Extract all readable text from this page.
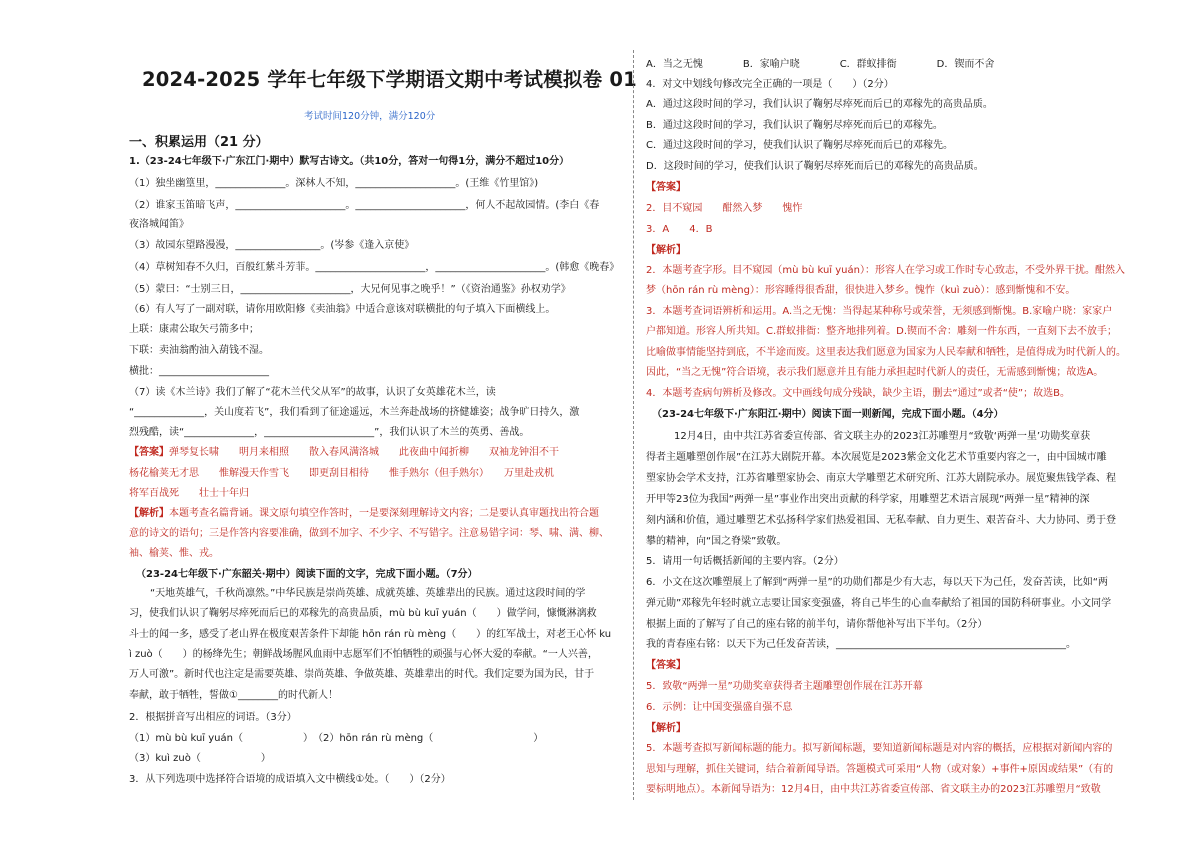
2024-2025 学年七年级下学期语文期中考试模拟卷 01
考试时间120分钟，满分120分
一、积累运用（21 分）
1.（23-24七年级下·广东江门·期中）默写古诗文。（共10分，答对一句得1分，满分不超过10分）
（1）独坐幽篁里，______________。深林人不知，____________________。(王维《竹里馆》)
（2）谁家玉笛暗飞声，______________________。______________________，何人不起故园情。(李白《春
夜洛城闻笛》
（3）故园东望路漫漫，_________________。(岑参《逢入京使》
（4）草树知春不久归，百般红紫斗芳菲。______________________，______________________。(韩愈《晚春》
（5）蒙曰：“士别三日，______________________，大兄何见事之晚乎！”（《资治通鉴》孙权劝学》
（6）有人写了一副对联，请你用欧阳修《卖油翁》中适合意该对联横批的句子填入下面横线上。
上联：康肃公取矢弓箭多中；
下联：卖油翁酌油入葫钱不湿。
横批：______________________
（7）读《木兰诗》我们了解了“花木兰代父从军”的故事，认识了女英雄花木兰，读
“______________，关山度若飞”，我们看到了征途遥远，木兰奔赴战场的挤健雄姿；战争旷日持久，激
烈残酷，读“______________，______________________”，我们认识了木兰的英勇、善战。
【答案】弹琴复长啸　　明月来相照　　散入春风满洛城　　此夜曲中闻折柳　　双袖龙钟泪不干
杨花榆荚无才思　　惟解漫天作雪飞　　即更刮目相待　　惟手熟尔（但手熟尔）　　万里赴戎机
将军百战死　　壮士十年归
【解析】本题考查名篇背诵。课文原句填空作答时，一是要深刻理解诗文内容；二是要认真审题找出符合题
意的诗文的语句；三是作答内容要准确，做到不加字、不少字、不写错字。注意易错字词：琴、啸、满、柳、
袖、榆荚、惟、戎。
（23-24七年级下·广东韶关·期中）阅读下面的文字，完成下面小题。（7分）
“天地英雄气，千秋尚凛然。”中华民族是崇尚英雄、成就英雄、英雄辈出的民族。通过这段时间的学
习，使我们认识了鞠躬尽瘁死而后已的邓稼先的高贵品质，mù bù kuī yuán（　　）做学问，慷慨淋漓救
斗士的闻一多，感受了老山界在极度艰苦条件下却能 hōn rán rù mèng（　　）的红军战士，对老王心怀 ku
ì zuò（　　）的杨绛先生；朝鲜战场腥风血雨中志愿军们不怕牺牲的顽强与心怀大爱的奉献。“一人兴善，
万人可激”。新时代也注定是需要英雄、崇尚英雄、争做英雄、英雄辈出的时代。我们定要为国为民，甘于
奉献，敢于牺牲，誓做①________的时代新人！
2．根据拼音写出相应的词语。（3分）
（1）mù bù kuī yuán（　　　　　　）　（2）hōn rán rù mèng（　　　　　　　　　　）
（3）kuì zuò（　　　　　　）
3．从下列选项中选择符合语境的成语填入文中横线①处。（　　）（2分）
A．当之无愧　　　　B．家喻户晓　　　　C．群蚁排衙　　　　D．锲而不舍
4．对文中划线句修改完全正确的一项是（　　）（2分）
A．通过这段时间的学习，我们认识了鞠躬尽瘁死而后已的邓稼先的高贵品质。
B．通过这段时间的学习，我们认识了鞠躬尽瘁死而后已的邓稼先。
C．通过这段时间的学习，使我们认识了鞠躬尽瘁死而后已的邓稼先。
D．这段时间的学习，使我们认识了鞠躬尽瘁死而后已的邓稼先的高贵品质。
【答案】
2．目不窥园　　酣然入梦　　愧怍
3．A　　4．B
【解析】
2．本题考查字形。目不窥园（mù bù kuī yuán）：形容人在学习或工作时专心致志，不受外界干扰。酣然入
梦（hōn rán rù mèng）：形容睡得很香甜，很快进入梦乡。愧怍（kuì zuò）：感到惭愧和不安。
3．本题考查词语辨析和运用。A.当之无愧：当得起某种称号或荣誉，无须感到惭愧。B.家喻户晓：家家户
户都知道。形容人所共知。C.群蚁排衙：整齐地排列着。D.锲而不舍：雕刻一件东西，一直刻下去不放手；
比喻做事情能坚持到底，不半途而废。这里表达我们愿意为国家为人民奉献和牺牲，是值得成为时代新人的。
因此，“当之无愧”符合语境，表示我们愿意并且有能力承担起时代新人的责任，无需感到惭愧；故选A。
4．本题考查病句辨析及修改。文中画线句成分残缺，缺少主语，删去“通过”或者“使”；故选B。
（23-24七年级下·广东阳江·期中）阅读下面一则新闻，完成下面小题。（4分）
12月4日，由中共江苏省委宣传部、省文联主办的2023江苏雕塑月“致敬‘两弹一星’功勋奖章获
得者主题雕塑创作展”在江苏大剧院开幕。本次展览是2023紫金文化艺术节重要内容之一，由中国城市雕
塑家协会学术支持，江苏省雕塑家协会、南京大学雕塑艺术研究所、江苏大剧院承办。展览聚焦钱学森、程
开甲等23位为我国“两弹一星”事业作出突出贡献的科学家，用雕塑艺术语言展现“两弹一星”精神的深
刻内涵和价值，通过雕塑艺术弘扬科学家们热爱祖国、无私奉献、自力更生、艰苦奋斗、大力协同、勇于登
攀的精神，向“国之脊梁”致敬。
5．请用一句话概括新闻的主要内容。（2分）
6．小文在这次雕塑展上了解到“两弹一星”的功勋们都是少有大志，每以天下为己任，发奋苦读，比如“两
弹元勋”邓稼先年轻时就立志要让国家变强盛，将自己毕生的心血奉献给了祖国的国防科研事业。小文同学
根据上面的了解写了自己的座右铭的前半句，请你帮他补写出下半句。（2分）
我的青春座右铭：以天下为己任发奋苦读，______________________________________________。
【答案】
5．致敬“两弹一星”功勋奖章获得者主题雕塑创作展在江苏开幕
6．示例：让中国变强盛自强不息
【解析】
5．本题考查拟写新闻标题的能力。拟写新闻标题，要知道新闻标题是对内容的概括，应根据对新闻内容的
思知与理解，抓住关键词，结合着新闻导语。答题模式可采用“人物（或对象）+事件+原因或结果”（有的
要标明地点）。本新闻导语为：12月4日，由中共江苏省委宣传部、省文联主办的2023江苏雕塑月“致敬
